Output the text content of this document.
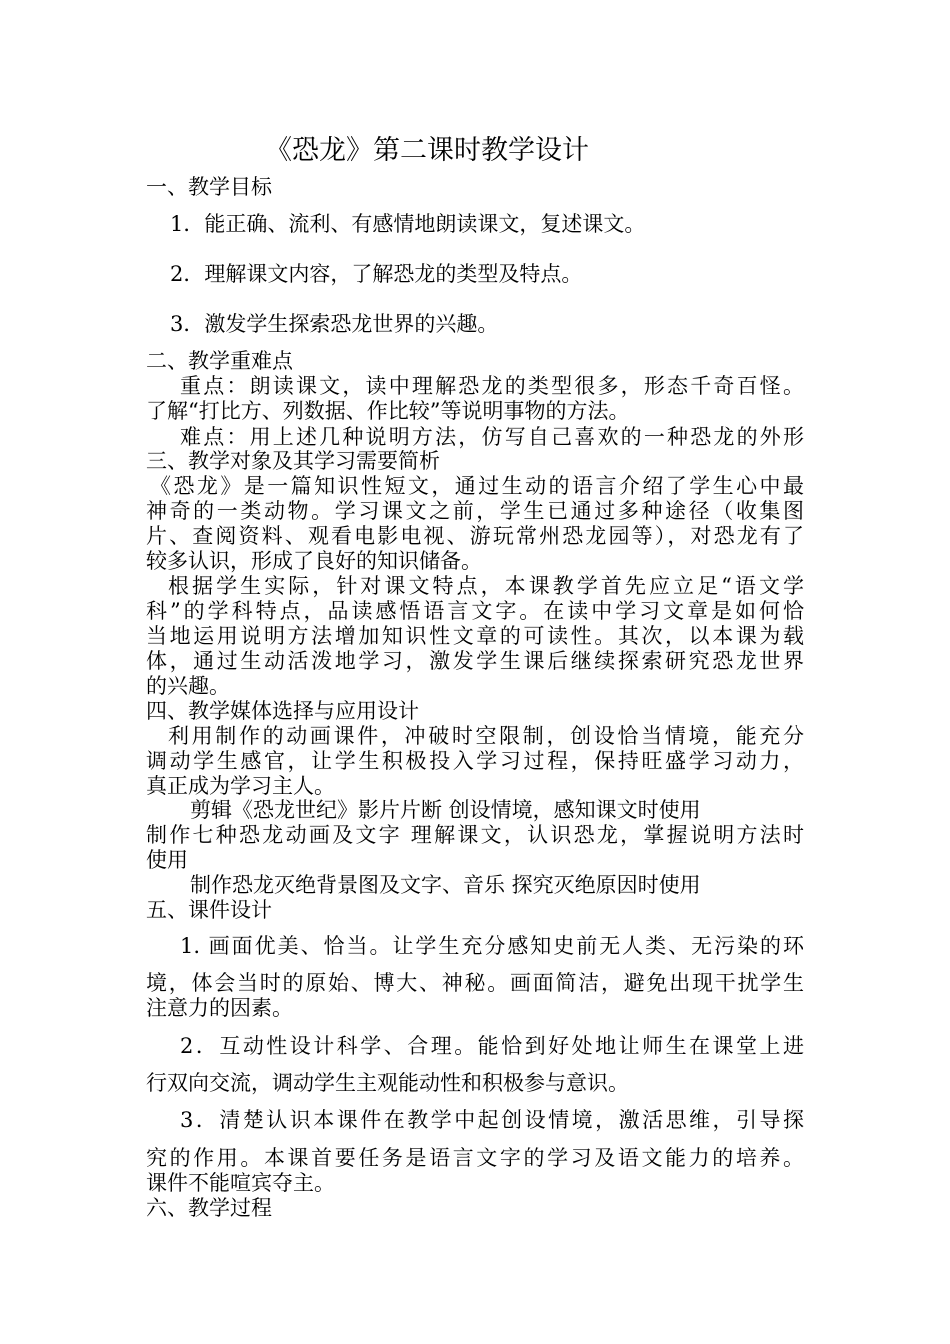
《恐龙》第二课时教学设计
一、教学目标
1．能正确、流利、有感情地朗读课文，复述课文。
2．理解课文内容，了解恐龙的类型及特点。
3．激发学生探索恐龙世界的兴趣。
二、教学重难点
重点：朗读课文，读中理解恐龙的类型很多，形态千奇百怪。
了解“打比方、列数据、作比较”等说明事物的方法。
难点：用上述几种说明方法，仿写自己喜欢的一种恐龙的外形
三、教学对象及其学习需要简析
《恐龙》是一篇知识性短文，通过生动的语言介绍了学生心中最
神奇的一类动物。学习课文之前，学生已通过多种途径（收集图
片、查阅资料、观看电影电视、游玩常州恐龙园等），对恐龙有了
较多认识，形成了良好的知识储备。
根据学生实际，针对课文特点，本课教学首先应立足“语文学
科”的学科特点，品读感悟语言文字。在读中学习文章是如何恰
当地运用说明方法增加知识性文章的可读性。其次，以本课为载
体，通过生动活泼地学习，激发学生课后继续探索研究恐龙世界
的兴趣。
四、教学媒体选择与应用设计
利用制作的动画课件，冲破时空限制，创设恰当情境，能充分
调动学生感官，让学生积极投入学习过程，保持旺盛学习动力，
真正成为学习主人。
剪辑《恐龙世纪》影片片断 创设情境，感知课文时使用
制作七种恐龙动画及文字 理解课文，认识恐龙，掌握说明方法时
使用
制作恐龙灭绝背景图及文字、音乐 探究灭绝原因时使用
五、课件设计
1. 画面优美、恰当。让学生充分感知史前无人类、无污染的环
境，体会当时的原始、博大、神秘。画面简洁，避免出现干扰学生
注意力的因素。
2．互动性设计科学、合理。能恰到好处地让师生在课堂上进
行双向交流，调动学生主观能动性和积极参与意识。
3．清楚认识本课件在教学中起创设情境，激活思维，引导探
究的作用。本课首要任务是语言文字的学习及语文能力的培养。
课件不能喧宾夺主。
六、教学过程
